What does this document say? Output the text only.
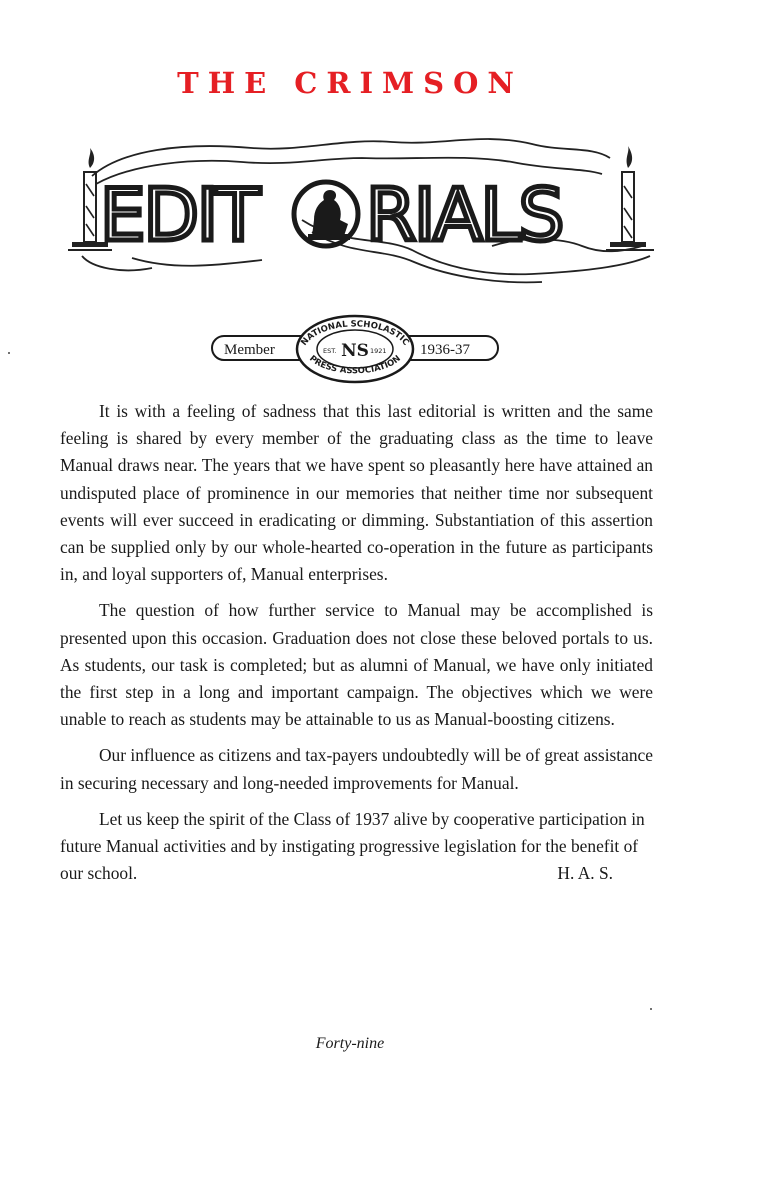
THE CRIMSON
EDIT RIALS
Member	1936-37
NATIONAL SCHOLASTIC
PRESS ASSOCIATION
EST.	1921
NS

It is with a feeling of sadness that this last editorial is written and the same feeling is shared by every member of the graduating class as the time to leave Manual draws near. The years that we have spent so pleasantly here have attained an undisputed place of prominence in our memories that neither time nor subsequent events will ever succeed in eradicating or dimming. Substantiation of this assertion can be supplied only by our whole-hearted co-operation in the future as participants in, and loyal supporters of, Manual enterprises.

The question of how further service to Manual may be accomplished is presented upon this occasion. Graduation does not close these beloved portals to us. As students, our task is completed; but as alumni of Manual, we have only initiated the first step in a long and important campaign. The objectives which we were unable to reach as students may be attainable to us as Manual-boosting citizens.

Our influence as citizens and tax-payers undoubtedly will be of great assistance in securing necessary and long-needed improvements for Manual.

Let us keep the spirit of the Class of 1937 alive by cooperative participation in future Manual activities and by instigating progressive legislation for the benefit of our school.	H. A. S.

Forty-nine
